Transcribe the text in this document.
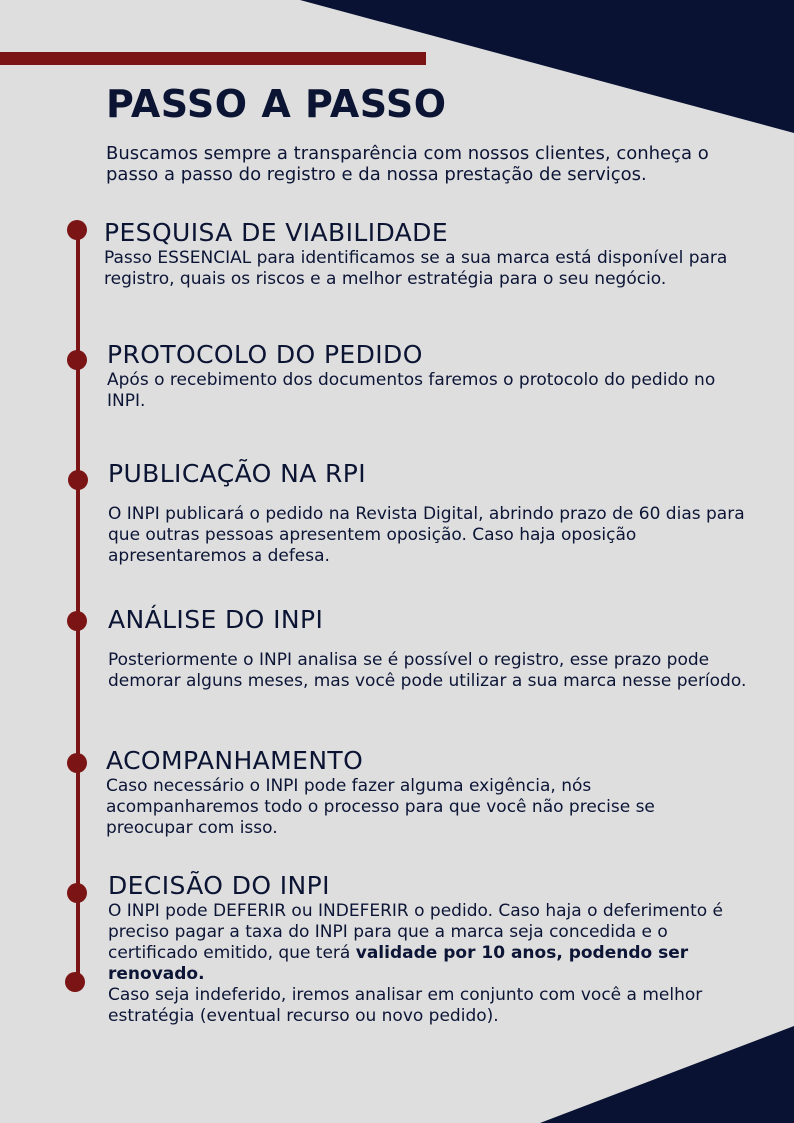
PASSO A PASSO

Buscamos sempre a transparência com nossos clientes, conheça o passo a passo do registro e da nossa prestação de serviços.

PESQUISA DE VIABILIDADE

Passo ESSENCIAL para identificamos se a sua marca está disponível para registro, quais os riscos e a melhor estratégia para o seu negócio.

PROTOCOLO DO PEDIDO

Após o recebimento dos documentos faremos o protocolo do pedido no INPI.

PUBLICAÇÃO NA RPI

O INPI publicará o pedido na Revista Digital, abrindo prazo de 60 dias para que outras pessoas apresentem oposição. Caso haja oposição apresentaremos a defesa.

ANÁLISE DO INPI

Posteriormente o INPI analisa se é possível o registro, esse prazo pode demorar alguns meses, mas você pode utilizar a sua marca nesse período.

ACOMPANHAMENTO

Caso necessário o INPI pode fazer alguma exigência, nós acompanharemos todo o processo para que você não precise se preocupar com isso.

DECISÃO DO INPI

O INPI pode DEFERIR ou INDEFERIR o pedido. Caso haja o deferimento é preciso pagar a taxa do INPI para que a marca seja concedida e o certificado emitido, que terá validade por 10 anos, podendo ser renovado.
Caso seja indeferido, iremos analisar em conjunto com você a melhor estratégia (eventual recurso ou novo pedido).
